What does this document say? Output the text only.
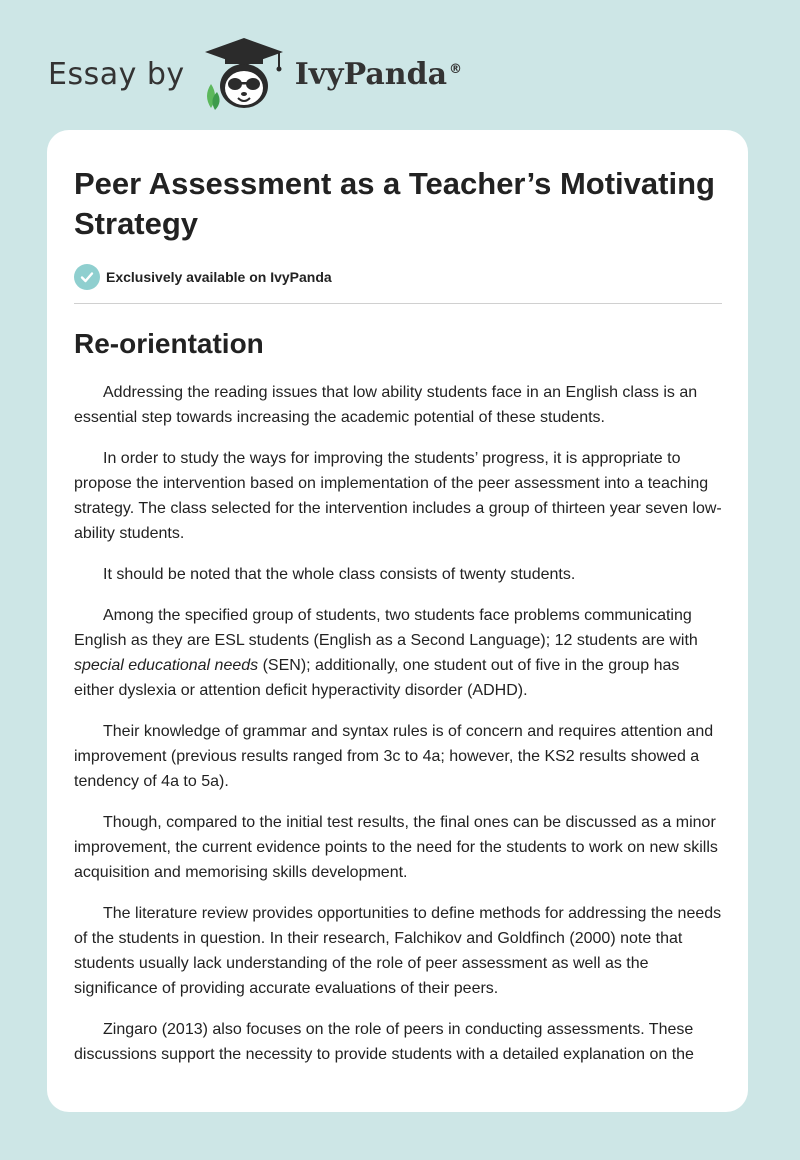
Essay by	IvyPanda ®
Peer Assessment as a Teacher’s Motivating Strategy
Exclusively available on IvyPanda
Re-orientation

Addressing the reading issues that low ability students face in an English class is an essential step towards increasing the academic potential of these students.

In order to study the ways for improving the students’ progress, it is appropriate to propose the intervention based on implementation of the peer assessment into a teaching strategy. The class selected for the intervention includes a group of thirteen year seven low-ability students.

It should be noted that the whole class consists of twenty students.

Among the specified group of students, two students face problems communicating English as they are ESL students (English as a Second Language); 12 students are with special educational needs (SEN); additionally, one student out of five in the group has either dyslexia or attention deficit hyperactivity disorder (ADHD).

Their knowledge of grammar and syntax rules is of concern and requires attention and improvement (previous results ranged from 3c to 4a; however, the KS2 results showed a tendency of 4a to 5a).

Though, compared to the initial test results, the final ones can be discussed as a minor improvement, the current evidence points to the need for the students to work on new skills acquisition and memorising skills development.

The literature review provides opportunities to define methods for addressing the needs of the students in question. In their research, Falchikov and Goldfinch (2000) note that students usually lack understanding of the role of peer assessment as well as the significance of providing accurate evaluations of their peers.

Zingaro (2013) also focuses on the role of peers in conducting assessments. These discussions support the necessity to provide students with a detailed explanation on the
